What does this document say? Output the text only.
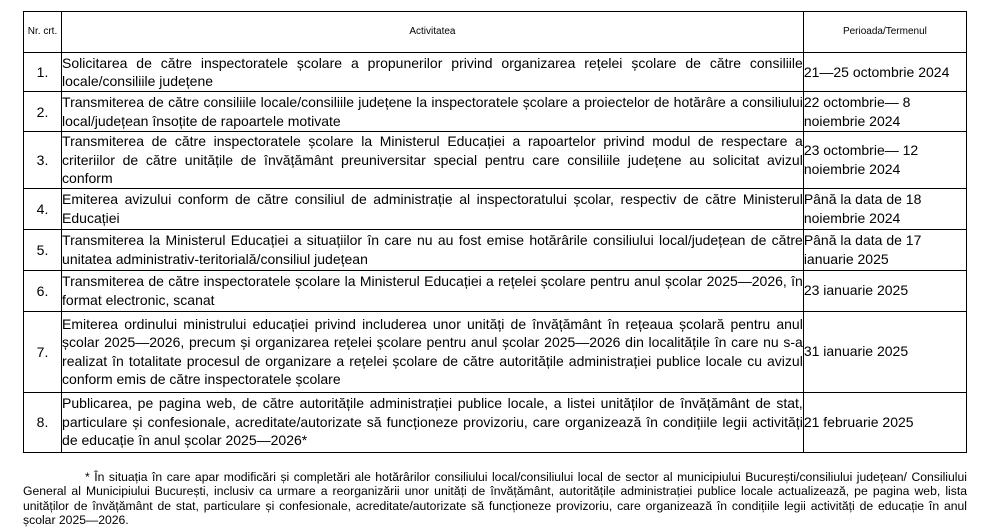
Nr. crt.	Activitatea	Perioada/Termenul
1.	Solicitarea de către inspectoratele școlare a propunerilor privind organizarea rețelei școlare de către consiliile locale/consiliile județene	21—25 octombrie 2024
2.	Transmiterea de către consiliile locale/consiliile județene la inspectoratele școlare a proiectelor de hotărâre a consiliului local/județean însoțite de rapoartele motivate	22 octombrie— 8 noiembrie 2024
3.	Transmiterea de către inspectoratele școlare la Ministerul Educației a rapoartelor privind modul de respectare a criteriilor de către unitățile de învățământ preuniversitar special pentru care consiliile județene au solicitat avizul conform	23 octombrie— 12 noiembrie 2024
4.	Emiterea avizului conform de către consiliul de administrație al inspectoratului școlar, respectiv de către Ministerul Educației	Până la data de 18 noiembrie 2024
5.	Transmiterea la Ministerul Educației a situațiilor în care nu au fost emise hotărârile consiliului local/județean de către unitatea administrativ-teritorială/consiliul județean	Până la data de 17 ianuarie 2025
6.	Transmiterea de către inspectoratele școlare la Ministerul Educației a rețelei școlare pentru anul școlar 2025—2026, în format electronic, scanat	23 ianuarie 2025
7.	Emiterea ordinului ministrului educației privind includerea unor unități de învățământ în rețeaua școlară pentru anul școlar 2025—2026, precum și organizarea rețelei școlare pentru anul școlar 2025—2026 din localitățile în care nu s-a realizat în totalitate procesul de organizare a rețelei școlare de către autoritățile administrației publice locale cu avizul conform emis de către inspectoratele școlare	31 ianuarie 2025
8.	Publicarea, pe pagina web, de către autoritățile administrației publice locale, a listei unităților de învățământ de stat, particulare și confesionale, acreditate/autorizate să funcționeze provizoriu, care organizează în condițiile legii activități de educație în anul școlar 2025—2026*	21 februarie 2025
* În situația în care apar modificări și completări ale hotărârilor consiliului local/consiliului local de sector al municipiului București/consiliului județean/ Consiliului General al Municipiului București, inclusiv ca urmare a reorganizării unor unități de învățământ, autoritățile administrației publice locale actualizează, pe pagina web, lista unităților de învățământ de stat, particulare și confesionale, acreditate/autorizate să funcționeze provizoriu, care organizează în condițiile legii activități de educație în anul școlar 2025—2026.
